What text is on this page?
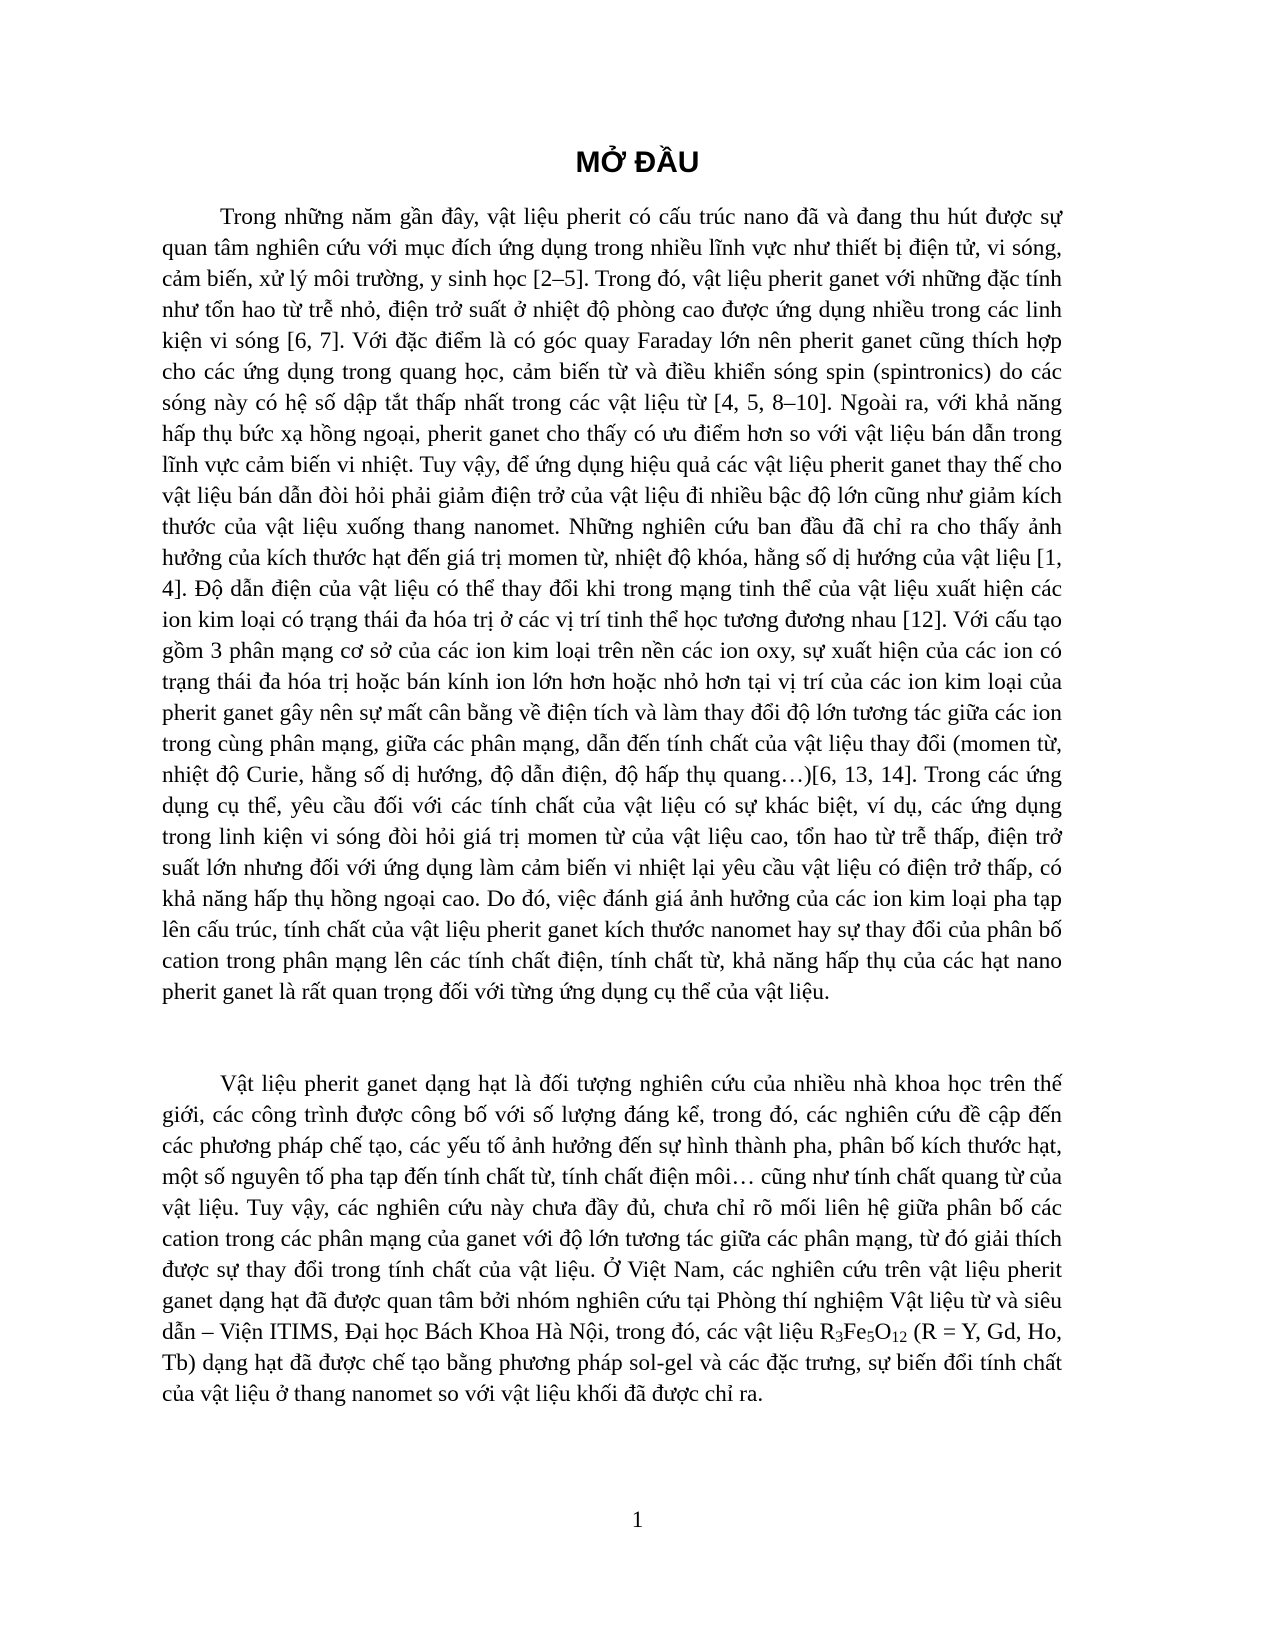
MỞ ĐẦU

Trong những năm gần đây, vật liệu pherit có cấu trúc nano đã và đang thu hút được sự quan tâm nghiên cứu với mục đích ứng dụng trong nhiều lĩnh vực như thiết bị điện tử, vi sóng, cảm biến, xử lý môi trường, y sinh học [2–5]. Trong đó, vật liệu pherit ganet với những đặc tính như tổn hao từ trễ nhỏ, điện trở suất ở nhiệt độ phòng cao được ứng dụng nhiều trong các linh kiện vi sóng [6, 7]. Với đặc điểm là có góc quay Faraday lớn nên pherit ganet cũng thích hợp cho các ứng dụng trong quang học, cảm biến từ và điều khiển sóng spin (spintronics) do các sóng này có hệ số dập tắt thấp nhất trong các vật liệu từ [4, 5, 8–10]. Ngoài ra, với khả năng hấp thụ bức xạ hồng ngoại, pherit ganet cho thấy có ưu điểm hơn so với vật liệu bán dẫn trong lĩnh vực cảm biến vi nhiệt. Tuy vậy, để ứng dụng hiệu quả các vật liệu pherit ganet thay thế cho vật liệu bán dẫn đòi hỏi phải giảm điện trở của vật liệu đi nhiều bậc độ lớn cũng như giảm kích thước của vật liệu xuống thang nanomet. Những nghiên cứu ban đầu đã chỉ ra cho thấy ảnh hưởng của kích thước hạt đến giá trị momen từ, nhiệt độ khóa, hằng số dị hướng của vật liệu [1, 4]. Độ dẫn điện của vật liệu có thể thay đổi khi trong mạng tinh thể của vật liệu xuất hiện các ion kim loại có trạng thái đa hóa trị ở các vị trí tinh thể học tương đương nhau [12]. Với cấu tạo gồm 3 phân mạng cơ sở của các ion kim loại trên nền các ion oxy, sự xuất hiện của các ion có trạng thái đa hóa trị hoặc bán kính ion lớn hơn hoặc nhỏ hơn tại vị trí của các ion kim loại của pherit ganet gây nên sự mất cân bằng về điện tích và làm thay đổi độ lớn tương tác giữa các ion trong cùng phân mạng, giữa các phân mạng, dẫn đến tính chất của vật liệu thay đổi (momen từ, nhiệt độ Curie, hằng số dị hướng, độ dẫn điện, độ hấp thụ quang…)[6, 13, 14]. Trong các ứng dụng cụ thể, yêu cầu đối với các tính chất của vật liệu có sự khác biệt, ví dụ, các ứng dụng trong linh kiện vi sóng đòi hỏi giá trị momen từ của vật liệu cao, tổn hao từ trễ thấp, điện trở suất lớn nhưng đối với ứng dụng làm cảm biến vi nhiệt lại yêu cầu vật liệu có điện trở thấp, có khả năng hấp thụ hồng ngoại cao. Do đó, việc đánh giá ảnh hưởng của các ion kim loại pha tạp lên cấu trúc, tính chất của vật liệu pherit ganet kích thước nanomet hay sự thay đổi của phân bố cation trong phân mạng lên các tính chất điện, tính chất từ, khả năng hấp thụ của các hạt nano pherit ganet là rất quan trọng đối với từng ứng dụng cụ thể của vật liệu.

Vật liệu pherit ganet dạng hạt là đối tượng nghiên cứu của nhiều nhà khoa học trên thế giới, các công trình được công bố với số lượng đáng kể, trong đó, các nghiên cứu đề cập đến các phương pháp chế tạo, các yếu tố ảnh hưởng đến sự hình thành pha, phân bố kích thước hạt, một số nguyên tố pha tạp đến tính chất từ, tính chất điện môi… cũng như tính chất quang từ của vật liệu. Tuy vậy, các nghiên cứu này chưa đầy đủ, chưa chỉ rõ mối liên hệ giữa phân bố các cation trong các phân mạng của ganet với độ lớn tương tác giữa các phân mạng, từ đó giải thích được sự thay đổi trong tính chất của vật liệu. Ở Việt Nam, các nghiên cứu trên vật liệu pherit ganet dạng hạt đã được quan tâm bởi nhóm nghiên cứu tại Phòng thí nghiệm Vật liệu từ và siêu dẫn – Viện ITIMS, Đại học Bách Khoa Hà Nội, trong đó, các vật liệu $R_3Fe_5O_{12}$ (R = Y, Gd, Ho, Tb) dạng hạt đã được chế tạo bằng phương pháp sol-gel và các đặc trưng, sự biến đổi tính chất của vật liệu ở thang nanomet so với vật liệu khối đã được chỉ ra.

1
